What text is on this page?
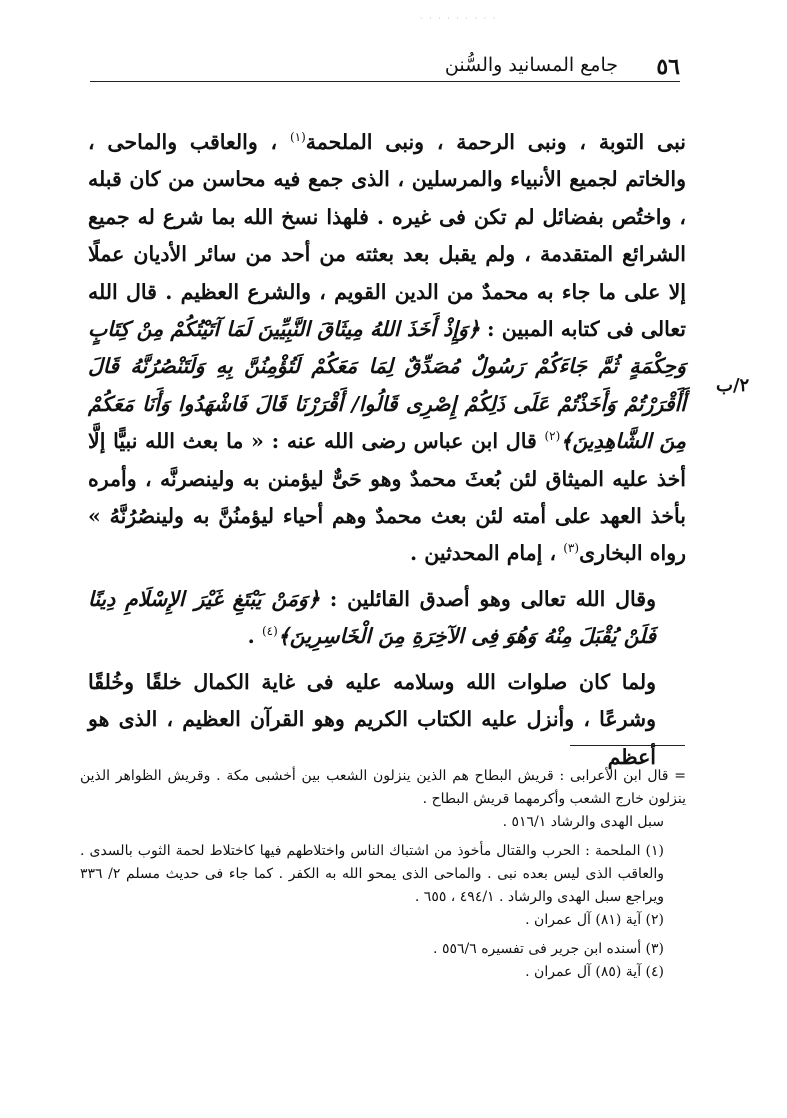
· · · · · · · · ·
٥٦
جامع المسانيد والسُّنن
٢/ب

نبى التوبة ، ونبى الرحمة ، ونبى الملحمة$^{(١)}$ ، والعاقب والماحى ، والخاتم لجميع الأنبياء والمرسلين ، الذى جمع فيه محاسن من كان قبله ، واختُص بفضائل لم تكن فى غيره . فلهذا نسخ الله بما شرع له جميع الشرائع المتقدمة ، ولم يقبل بعد بعثته من أحد من سائر الأديان عملًا إلا على ما جاء به محمدٌ من الدين القويم ، والشرع العظيم . قال الله تعالى فى كتابه المبين : ﴿وَإِذْ أَخَذَ اللهُ مِيثَاقَ النَّبِيِّينَ لَمَا آتَيْتُكُمْ مِنْ كِتَابٍ وَحِكْمَةٍ ثُمَّ جَاءَكُمْ رَسُولٌ مُصَدِّقٌ لِمَا مَعَكُمْ لَتُؤْمِنُنَّ بِهِ وَلَتَنْصُرُنَّهُ قَالَ أَأَقْرَرْتُمْ وَأَخَذْتُمْ عَلَى ذَلِكُمْ إِصْرِى قَالُوا/ أَقْرَرْنَا قَالَ فَاشْهَدُوا وَأَنَا مَعَكُمْ مِنَ الشَّاهِدِينَ﴾$^{(٢)}$ قال ابن عباس رضى الله عنه : « ما بعث الله نبيًّا إلَّا أخذ عليه الميثاق لئن بُعثَ محمدٌ وهو حَىٌّ ليؤمنن به ولينصرنَّه ، وأمره بأخذ العهد على أمته لئن بعث محمدٌ وهم أحياء ليؤمنُنَّ به ولينصُرُنَّهُ » رواه البخارى$^{(٣)}$ ، إمام المحدثين .

وقال الله تعالى وهو أصدق القائلين : ﴿وَمَنْ يَبْتَغِ غَيْرَ الإِسْلَامِ دِينًا فَلَنْ يُقْبَلَ مِنْهُ وَهُوَ فِى الآخِرَةِ مِنَ الْخَاسِرِينَ﴾$^{(٤)}$ .

ولما كان صلوات الله وسلامه عليه فى غاية الكمال خلقًا وخُلقًا وشرعًا ، وأنزل عليه الكتاب الكريم وهو القرآن العظيم ، الذى هو أعظم

= قال ابن الأعرابى : قريش البطاح هم الذين ينزلون الشعب بين أخشبى مكة . وقريش الظواهر الذين ينزلون خارج الشعب وأكرمهما قريش البطاح .

سبل الهدى والرشاد ٥١٦/١ .

(١) الملحمة : الحرب والقتال مأخوذ من اشتباك الناس واختلاطهم فيها كاختلاط لحمة الثوب بالسدى . والعاقب الذى ليس بعده نبى . والماحى الذى يمحو الله به الكفر . كما جاء فى حديث مسلم ٢/ ٣٣٦ ويراجع سبل الهدى والرشاد . ٤٩٤/١ ، ٦٥٥ .

(٢) آية (٨١) آل عمران .

(٣) أسنده ابن جرير فى تفسيره ٥٥٦/٦ .

(٤) آية (٨٥) آل عمران .
